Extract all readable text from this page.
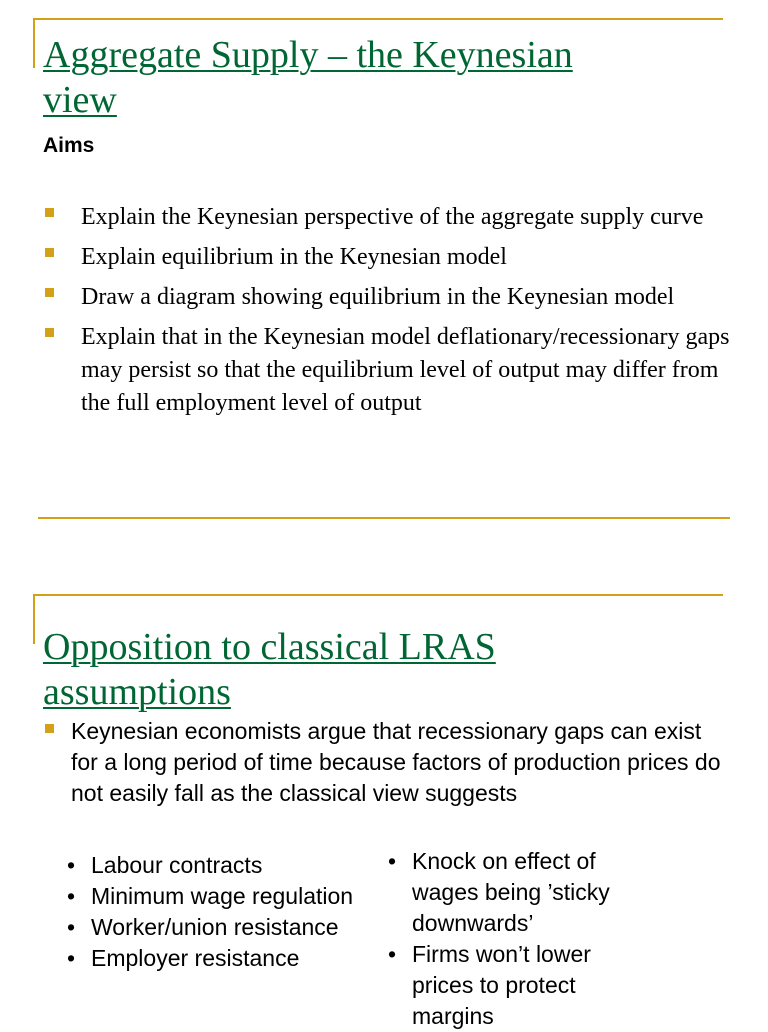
Aggregate Supply – the Keynesian
view
Aims
Explain the Keynesian perspective of the aggregate supply curve
Explain equilibrium in the Keynesian model
Draw a diagram showing equilibrium in the Keynesian model
Explain that in the Keynesian model deflationary/recessionary gaps may persist so that the equilibrium level of output may differ from the full employment level of output
Opposition to classical LRAS
assumptions
Keynesian economists argue that recessionary gaps can exist for a long period of time because factors of production prices do not easily fall as the classical view suggests
• Labour contracts
• Minimum wage regulation
• Worker/union resistance
• Employer resistance
• Knock on effect of wages being ’sticky downwards’
• Firms won’t lower prices to protect margins
